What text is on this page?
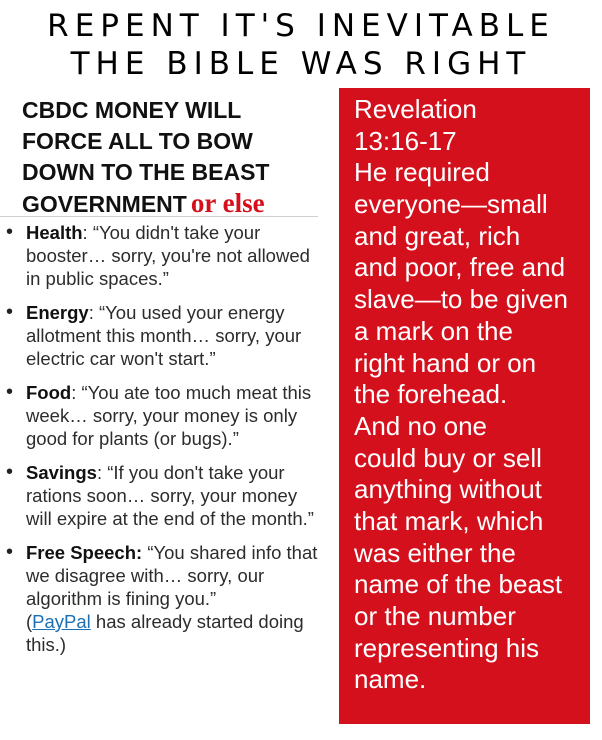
REPENT IT'S INEVITABLE
THE BIBLE WAS RIGHT
CBDC MONEY WILL
FORCE ALL TO BOW
DOWN TO THE BEAST
GOVERNMENT or else
• Health: “You didn't take your booster… sorry, you're not allowed in public spaces.”
• Energy: “You used your energy allotment this month… sorry, your electric car won't start.”
• Food: “You ate too much meat this week… sorry, your money is only good for plants (or bugs).”
• Savings: “If you don't take your rations soon… sorry, your money will expire at the end of the month.”
• Free Speech: “You shared info that we disagree with… sorry, our algorithm is fining you.”
(PayPal has already started doing this.)
Revelation
13:16-17
He required
everyone—small
and great, rich
and poor, free and
slave—to be given
a mark on the
right hand or on
the forehead.
And no one
could buy or sell
anything without
that mark, which
was either the
name of the beast
or the number
representing his
name.
